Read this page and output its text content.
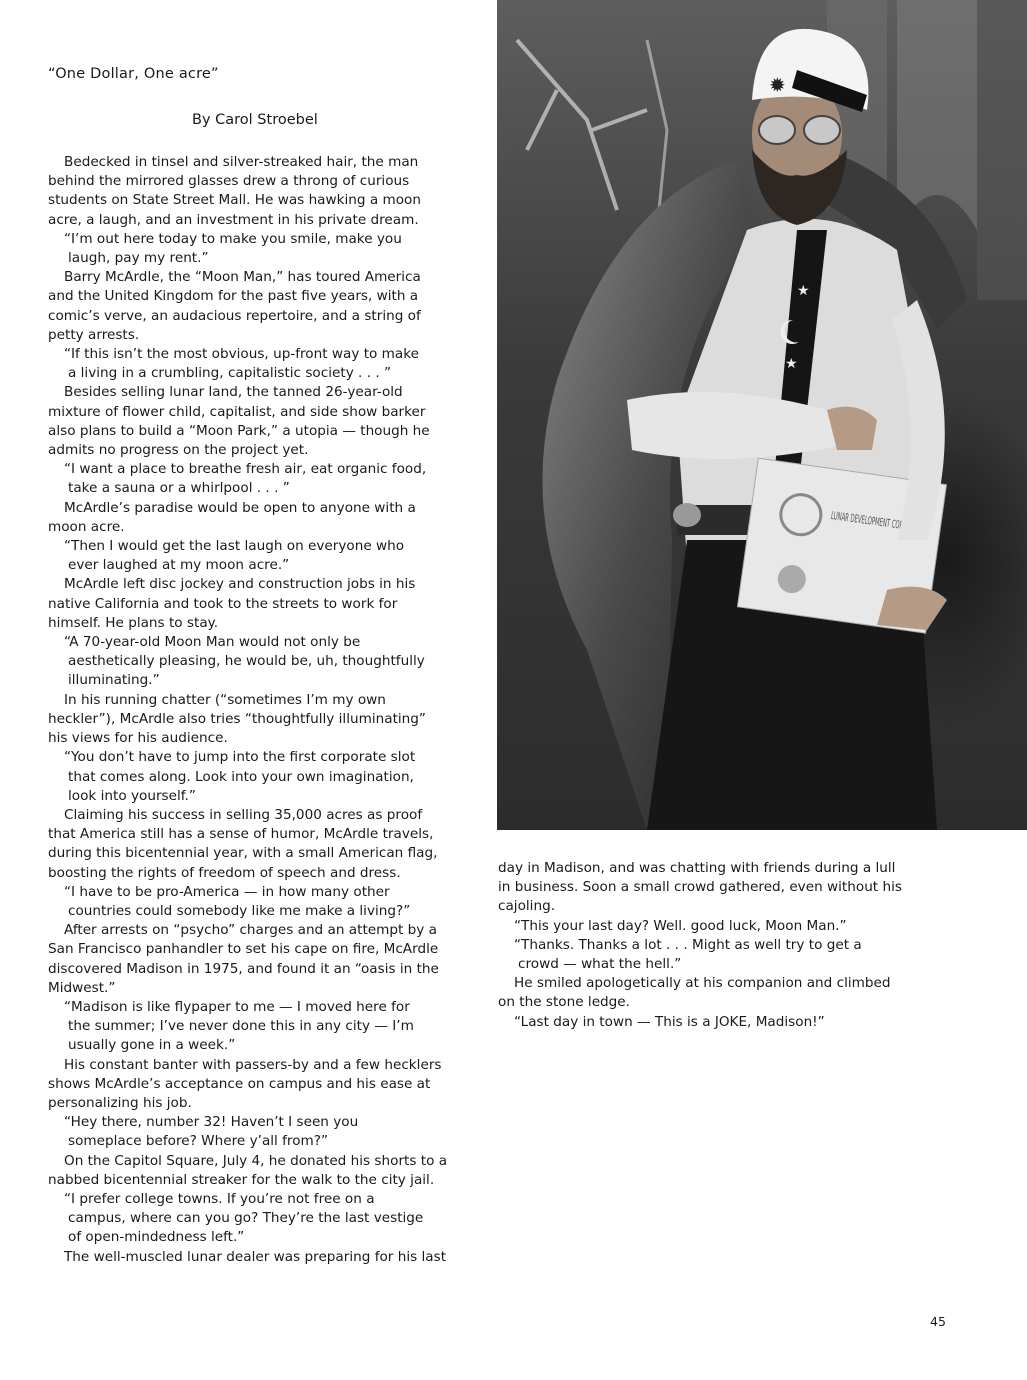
“One Dollar, One acre”
By Carol Stroebel

Bedecked in tinsel and silver-streaked hair, the man

behind the mirrored glasses drew a throng of curious

students on State Street Mall. He was hawking a moon

acre, a laugh, and an investment in his private dream.

“I’m out here today to make you smile, make you

laugh, pay my rent.”

Barry McArdle, the “Moon Man,” has toured America

and the United Kingdom for the past five years, with a

comic’s verve, an audacious repertoire, and a string of

petty arrests.

“If this isn’t the most obvious, up-front way to make

a living in a crumbling, capitalistic society . . . ”

Besides selling lunar land, the tanned 26-year-old

mixture of flower child, capitalist, and side show barker

also plans to build a “Moon Park,” a utopia — though he

admits no progress on the project yet.

“I want a place to breathe fresh air, eat organic food,

take a sauna or a whirlpool . . . ”

McArdle’s paradise would be open to anyone with a

moon acre.

“Then I would get the last laugh on everyone who

ever laughed at my moon acre.”

McArdle left disc jockey and construction jobs in his

native California and took to the streets to work for

himself. He plans to stay.

“A 70-year-old Moon Man would not only be

aesthetically pleasing, he would be, uh, thoughtfully

illuminating.”

In his running chatter (“sometimes I’m my own

heckler”), McArdle also tries “thoughtfully illuminating”

his views for his audience.

“You don’t have to jump into the first corporate slot

that comes along. Look into your own imagination,

look into yourself.”

Claiming his success in selling 35,000 acres as proof

that America still has a sense of humor, McArdle travels,

during this bicentennial year, with a small American flag,

boosting the rights of freedom of speech and dress.

“I have to be pro-America — in how many other

countries could somebody like me make a living?”

After arrests on “psycho” charges and an attempt by a

San Francisco panhandler to set his cape on fire, McArdle

discovered Madison in 1975, and found it an “oasis in the

Midwest.”

“Madison is like flypaper to me — I moved here for

the summer; I’ve never done this in any city — I’m

usually gone in a week.”

His constant banter with passers-by and a few hecklers

shows McArdle’s acceptance on campus and his ease at

personalizing his job.

“Hey there, number 32! Haven’t I seen you

someplace before? Where y’all from?”

On the Capitol Square, July 4, he donated his shorts to a

nabbed bicentennial streaker for the walk to the city jail.

“I prefer college towns. If you’re not free on a

campus, where can you go? They’re the last vestige

of open-mindedness left.”

The well-muscled lunar dealer was preparing for his last

day in Madison, and was chatting with friends during a lull

in business. Soon a small crowd gathered, even without his

cajoling.

“This your last day? Well. good luck, Moon Man.”

“Thanks. Thanks a lot . . . Might as well try to get a

crowd — what the hell.”

He smiled apologetically at his companion and climbed

on the stone ledge.

“Last day in town — This is a JOKE, Madison!”

★
★
✹
45
